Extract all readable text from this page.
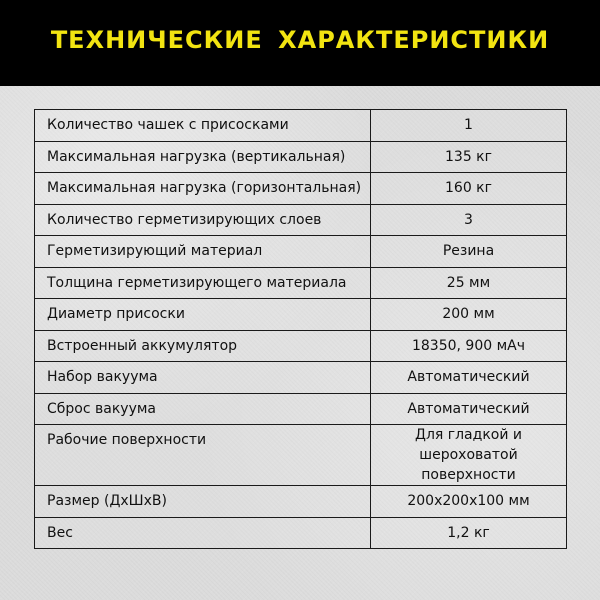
ТЕХНИЧЕСКИЕ ХАРАКТЕРИСТИКИ
Количество чашек с присосками	1
Максимальная нагрузка (вертикальная)	135 кг
Максимальная нагрузка (горизонтальная)	160 кг
Количество герметизирующих слоев	3
Герметизирующий материал	Резина
Толщина герметизирующего материала	25 мм
Диаметр присоски	200 мм
Встроенный аккумулятор	18350, 900 мАч
Набор вакуума	Автоматический
Сброс вакуума	Автоматический
Рабочие поверхности	Для гладкой и
шероховатой поверхности

Размер (ДхШхВ)	200х200х100 мм
Вес	1,2 кг
